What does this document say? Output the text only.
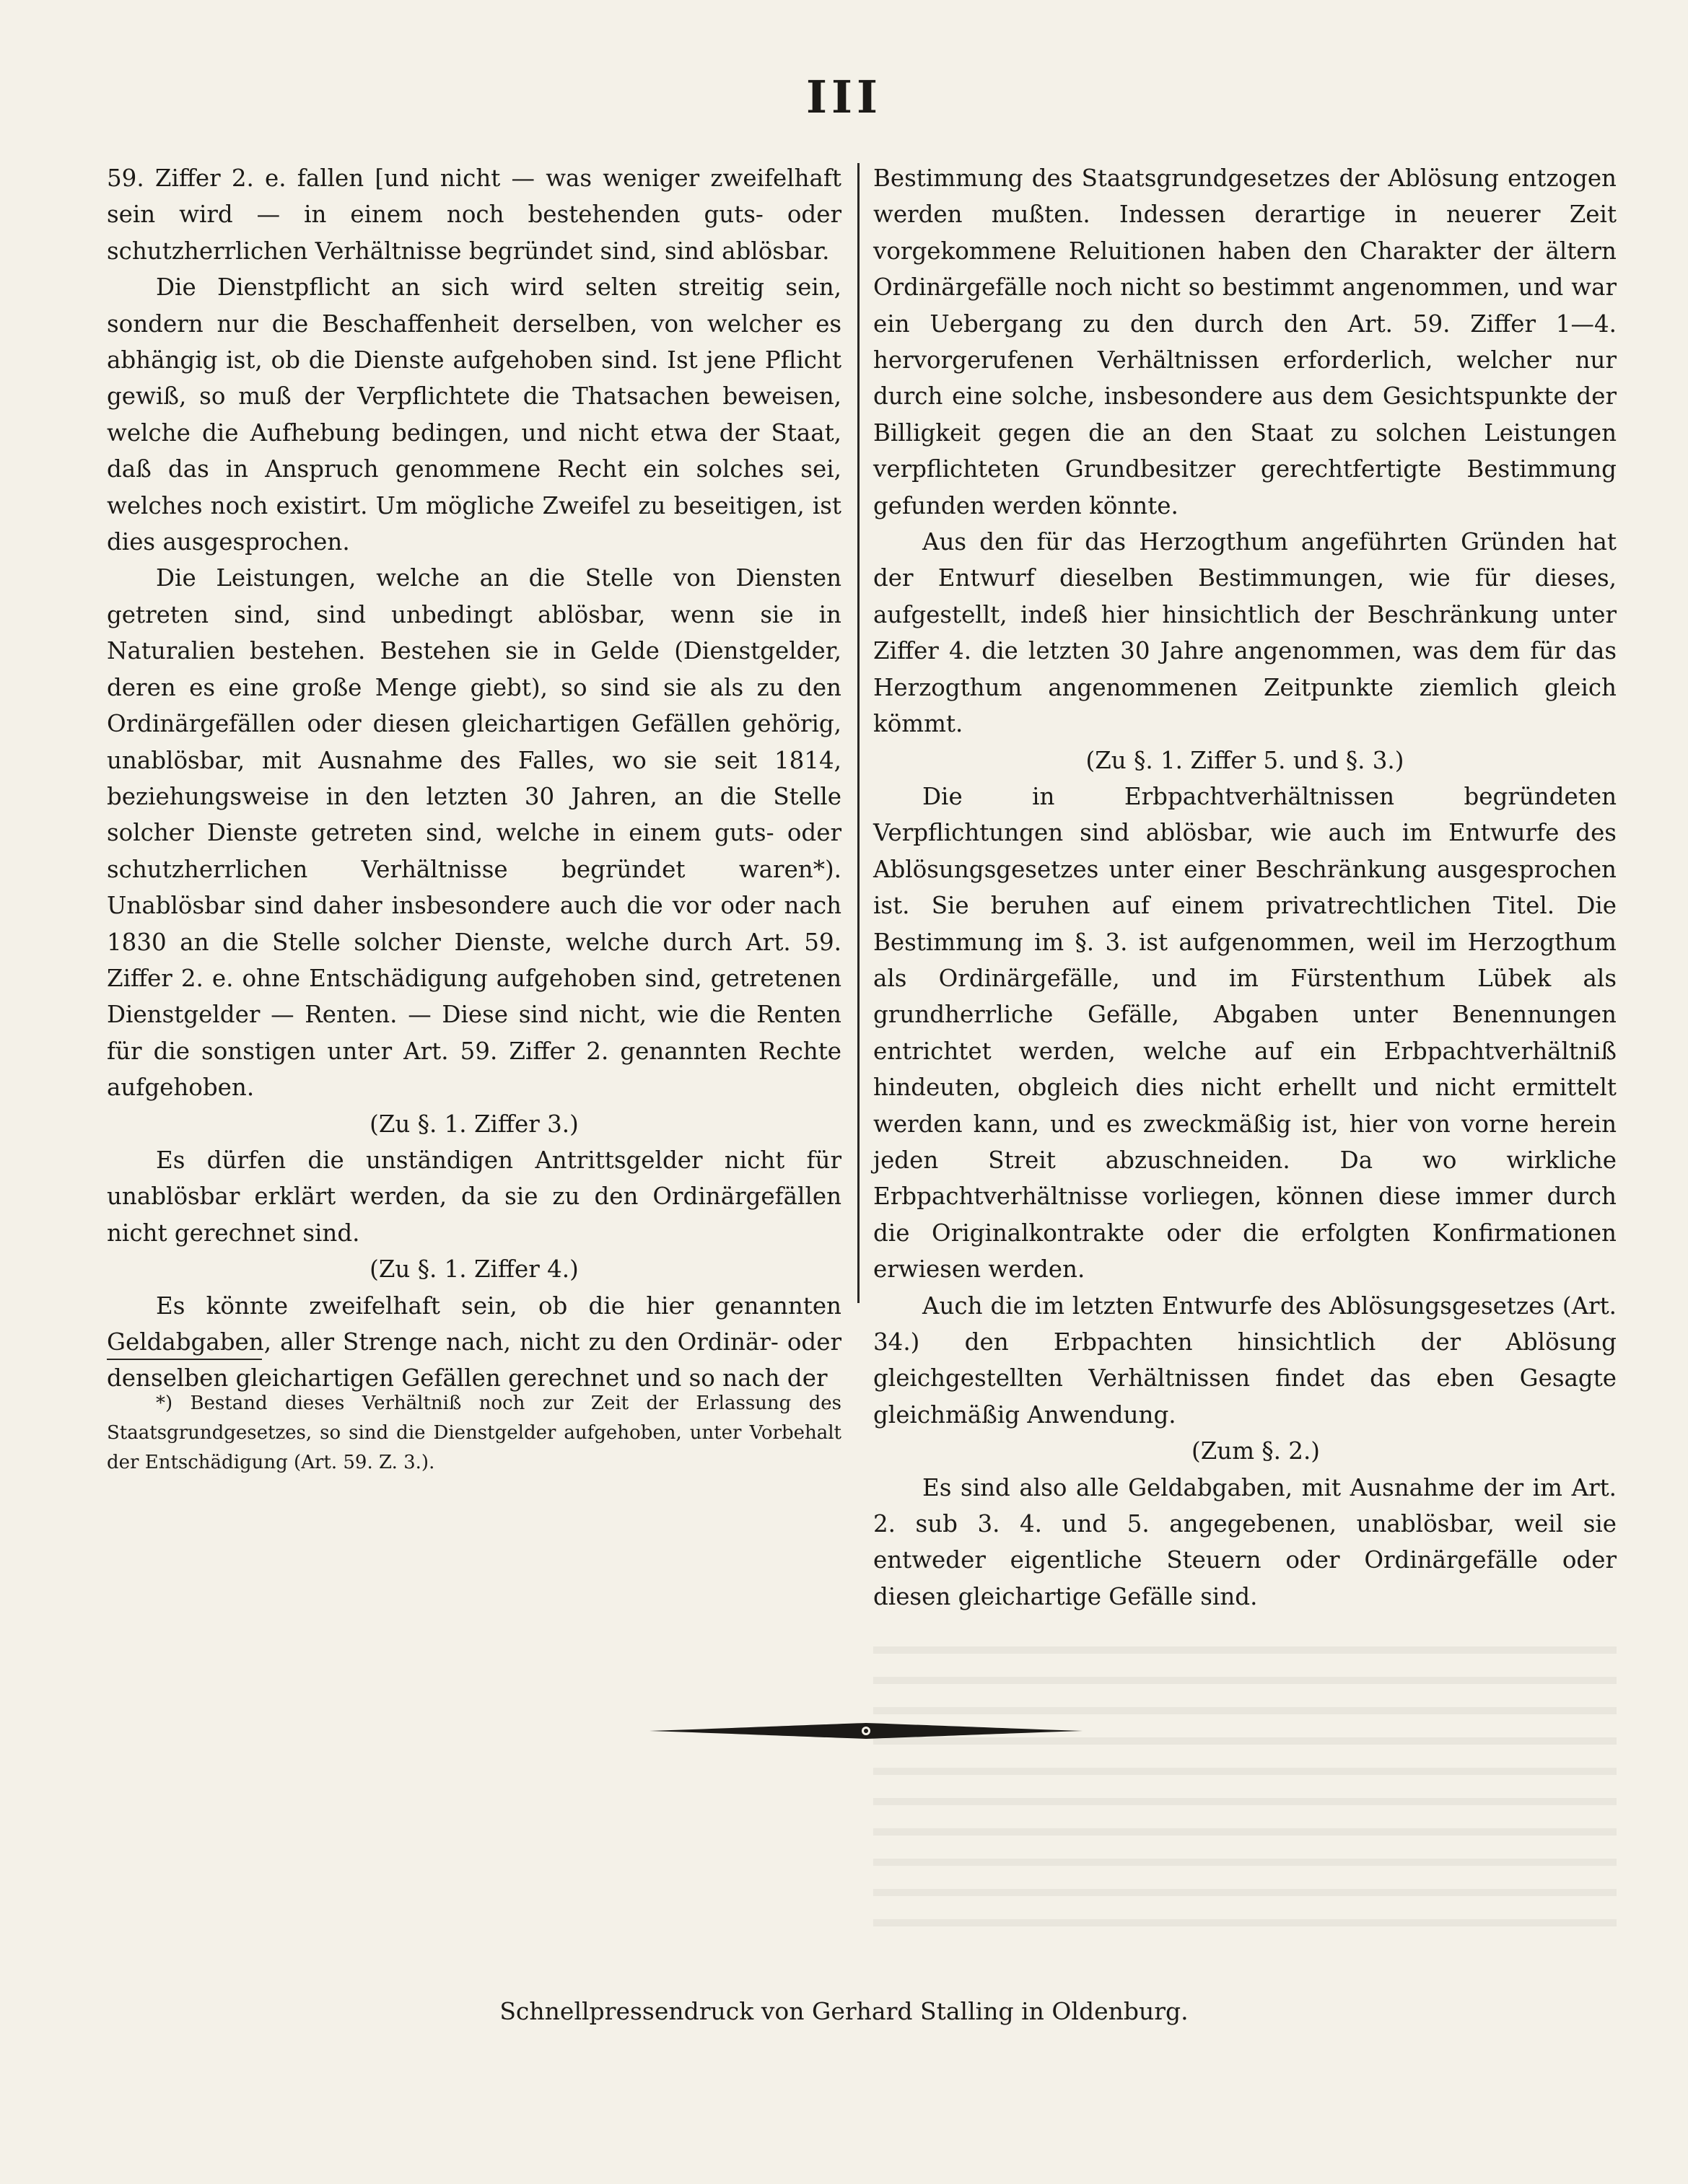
III

59. Ziffer 2. e. fallen [und nicht — was weniger zweifelhaft sein wird — in einem noch bestehenden guts- oder schutzherrlichen Verhältnisse begründet sind, sind ablösbar.

Die Dienstpflicht an sich wird selten streitig sein, sondern nur die Beschaffenheit derselben, von welcher es abhängig ist, ob die Dienste aufgehoben sind. Ist jene Pflicht gewiß, so muß der Verpflichtete die Thatsachen beweisen, welche die Aufhebung bedingen, und nicht etwa der Staat, daß das in Anspruch genommene Recht ein solches sei, welches noch existirt. Um mögliche Zweifel zu beseitigen, ist dies ausgesprochen.

Die Leistungen, welche an die Stelle von Diensten getreten sind, sind unbedingt ablösbar, wenn sie in Naturalien bestehen. Bestehen sie in Gelde (Dienstgelder, deren es eine große Menge giebt), so sind sie als zu den Ordinärgefällen oder diesen gleichartigen Gefällen gehörig, unablösbar, mit Ausnahme des Falles, wo sie seit 1814, beziehungsweise in den letzten 30 Jahren, an die Stelle solcher Dienste getreten sind, welche in einem guts- oder schutzherrlichen Verhältnisse begründet waren*). Unablösbar sind daher insbesondere auch die vor oder nach 1830 an die Stelle solcher Dienste, welche durch Art. 59. Ziffer 2. e. ohne Entschädigung aufgehoben sind, getretenen Dienstgelder — Renten. — Diese sind nicht, wie die Renten für die sonstigen unter Art. 59. Ziffer 2. genannten Rechte aufgehoben.

(Zu §. 1. Ziffer 3.)

Es dürfen die unständigen Antrittsgelder nicht für unablösbar erklärt werden, da sie zu den Ordinärgefällen nicht gerechnet sind.

(Zu §. 1. Ziffer 4.)

Es könnte zweifelhaft sein, ob die hier genannten Geldabgaben, aller Strenge nach, nicht zu den Ordinär- oder denselben gleichartigen Gefällen gerechnet und so nach der

Bestimmung des Staatsgrundgesetzes der Ablösung entzogen werden mußten. Indessen derartige in neuerer Zeit vorgekommene Reluitionen haben den Charakter der ältern Ordinärgefälle noch nicht so bestimmt angenommen, und war ein Uebergang zu den durch den Art. 59. Ziffer 1—4. hervorgerufenen Verhältnissen erforderlich, welcher nur durch eine solche, insbesondere aus dem Gesichtspunkte der Billigkeit gegen die an den Staat zu solchen Leistungen verpflichteten Grundbesitzer gerechtfertigte Bestimmung gefunden werden könnte.

Aus den für das Herzogthum angeführten Gründen hat der Entwurf dieselben Bestimmungen, wie für dieses, aufgestellt, indeß hier hinsichtlich der Beschränkung unter Ziffer 4. die letzten 30 Jahre angenommen, was dem für das Herzogthum angenommenen Zeitpunkte ziemlich gleich kömmt.

(Zu §. 1. Ziffer 5. und §. 3.)

Die in Erbpachtverhältnissen begründeten Verpflichtungen sind ablösbar, wie auch im Entwurfe des Ablösungsgesetzes unter einer Beschränkung ausgesprochen ist. Sie beruhen auf einem privatrechtlichen Titel. Die Bestimmung im §. 3. ist aufgenommen, weil im Herzogthum als Ordinärgefälle, und im Fürstenthum Lübek als grundherrliche Gefälle, Abgaben unter Benennungen entrichtet werden, welche auf ein Erbpachtverhältniß hindeuten, obgleich dies nicht erhellt und nicht ermittelt werden kann, und es zweckmäßig ist, hier von vorne herein jeden Streit abzuschneiden. Da wo wirkliche Erbpachtverhältnisse vorliegen, können diese immer durch die Originalkontrakte oder die erfolgten Konfirmationen erwiesen werden.

Auch die im letzten Entwurfe des Ablösungsgesetzes (Art. 34.) den Erbpachten hinsichtlich der Ablösung gleichgestellten Verhältnissen findet das eben Gesagte gleichmäßig Anwendung.

(Zum §. 2.)

Es sind also alle Geldabgaben, mit Ausnahme der im Art. 2. sub 3. 4. und 5. angegebenen, unablösbar, weil sie entweder eigentliche Steuern oder Ordinärgefälle oder diesen gleichartige Gefälle sind.

*) Bestand dieses Verhältniß noch zur Zeit der Erlassung des Staatsgrundgesetzes, so sind die Dienstgelder aufgehoben, unter Vorbehalt der Entschädigung (Art. 59. Z. 3.).

Schnellpressendruck von Gerhard Stalling in Oldenburg.
